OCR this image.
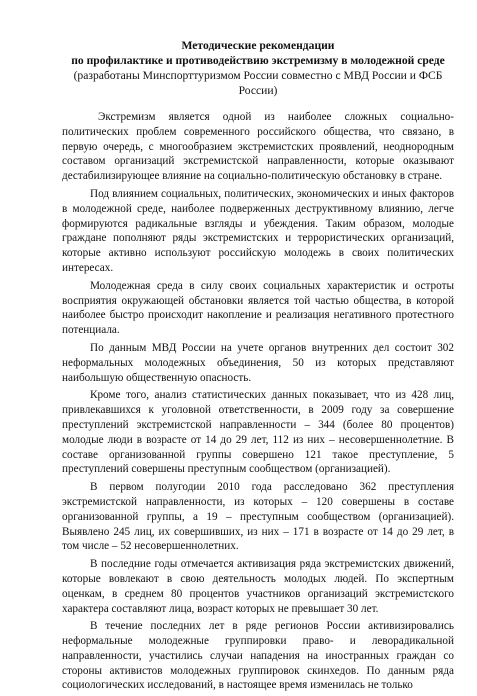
Методические рекомендации
по профилактике и противодействию экстремизму в молодежной среде
(разработаны Минспорттуризмом России совместно с МВД России и ФСБ России)

Экстремизм является одной из наиболее сложных социально-политических проблем современного российского общества, что связано, в первую очередь, с многообразием экстремистских проявлений, неоднородным составом организаций экстремистской направленности, которые оказывают дестабилизирующее влияние на социально-политическую обстановку в стране.

Под влиянием социальных, политических, экономических и иных факторов в молодежной среде, наиболее подверженных деструктивному влиянию, легче формируются радикальные взгляды и убеждения. Таким образом, молодые граждане пополняют ряды экстремистских и террористических организаций, которые активно используют российскую молодежь в своих политических интересах.

Молодежная среда в силу своих социальных характеристик и остроты восприятия окружающей обстановки является той частью общества, в которой наиболее быстро происходит накопление и реализация негативного протестного потенциала.

По данным МВД России на учете органов внутренних дел состоит 302 неформальных молодежных объединения, 50 из которых представляют наибольшую общественную опасность.

Кроме того, анализ статистических данных показывает, что из 428 лиц, привлекавшихся к уголовной ответственности, в 2009 году за совершение преступлений экстремистской направленности – 344 (более 80 процентов) молодые люди в возрасте от 14 до 29 лет, 112 из них – несовершеннолетние. В составе организованной группы совершено 121 такое преступление, 5 преступлений совершены преступным сообществом (организацией).

В первом полугодии 2010 года расследовано 362 преступления экстремистской направленности, из которых – 120 совершены в составе организованной группы, а 19 – преступным сообществом (организацией). Выявлено 245 лиц, их совершивших, из них – 171 в возрасте от 14 до 29 лет, в том числе – 52 несовершеннолетних.

В последние годы отмечается активизация ряда экстремистских движений, которые вовлекают в свою деятельность молодых людей. По экспертным оценкам, в среднем 80 процентов участников организаций экстремистского характера составляют лица, возраст которых не превышает 30 лет.

В течение последних лет в ряде регионов России активизировались неформальные молодежные группировки право- и леворадикальной направленности, участились случаи нападения на иностранных граждан со стороны активистов молодежных группировок скинхедов. По данным ряда социологических исследований, в настоящее время изменилась не только
